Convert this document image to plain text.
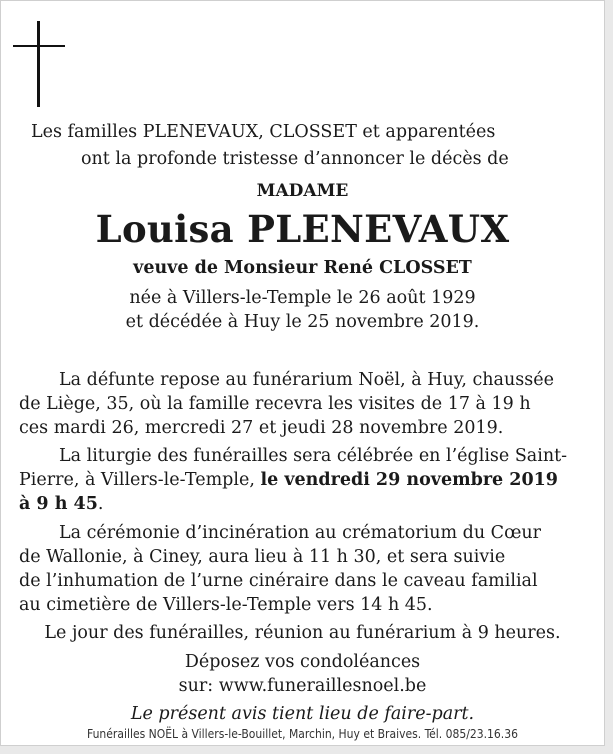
Les familles PLENEVAUX, CLOSSET et apparentées
ont la profonde tristesse d’annoncer le décès de
MADAME
Louisa PLENEVAUX
veuve de Monsieur René CLOSSET
née à Villers-le-Temple le 26 août 1929
et décédée à Huy le 25 novembre 2019.
La défunte repose au funérarium Noël, à Huy, chaussée
de Liège, 35, où la famille recevra les visites de 17 à 19 h
ces mardi 26, mercredi 27 et jeudi 28 novembre 2019.
La liturgie des funérailles sera célébrée en l’église Saint-
Pierre, à Villers-le-Temple, le vendredi 29 novembre 2019
à 9 h 45.
La cérémonie d’incinération au crématorium du Cœur
de Wallonie, à Ciney, aura lieu à 11 h 30, et sera suivie
de l’inhumation de l’urne cinéraire dans le caveau familial
au cimetière de Villers-le-Temple vers 14 h 45.
Le jour des funérailles, réunion au funérarium à 9 heures.
Déposez vos condoléances
sur: www.funeraillesnoel.be
Le présent avis tient lieu de faire-part.
Funérailles NOËL à Villers-le-Bouillet, Marchin, Huy et Braives. Tél. 085/23.16.36
